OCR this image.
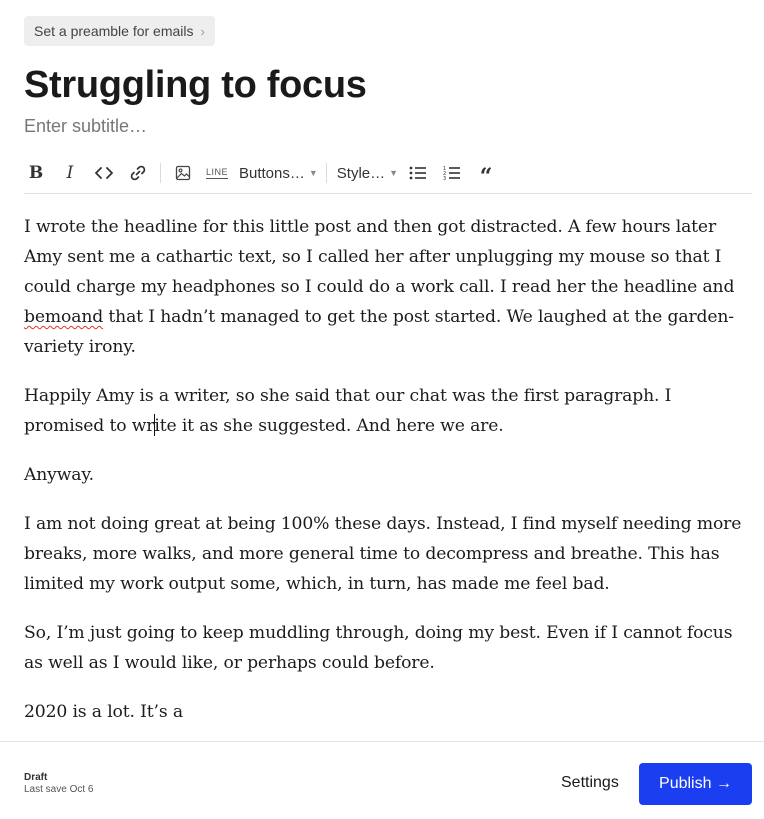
Set a preamble for emails ›
Struggling to focus
Enter subtitle…
B	I	LINE Buttons… ▼ Style… ▼	1
2
3 “

I wrote the headline for this little post and then got distracted. A few hours later Amy sent me a cathartic text, so I called her after unplugging my mouse so that I could charge my headphones so I could do a work call. I read her the headline and bemoand that I hadn’t managed to get the post started. We laughed at the garden-variety irony.

Happily Amy is a writer, so she said that our chat was the first paragraph. I promised to write it as she suggested. And here we are.

Anyway.

I am not doing great at being 100% these days. Instead, I find myself needing more breaks, more walks, and more general time to decompress and breathe. This has limited my work output some, which, in turn, has made me feel bad.

So, I’m just going to keep muddling through, doing my best. Even if I cannot focus as well as I would like, or perhaps could before.

2020 is a lot. It’s a

Draft
Last save Oct 6	Settings	Publish →
